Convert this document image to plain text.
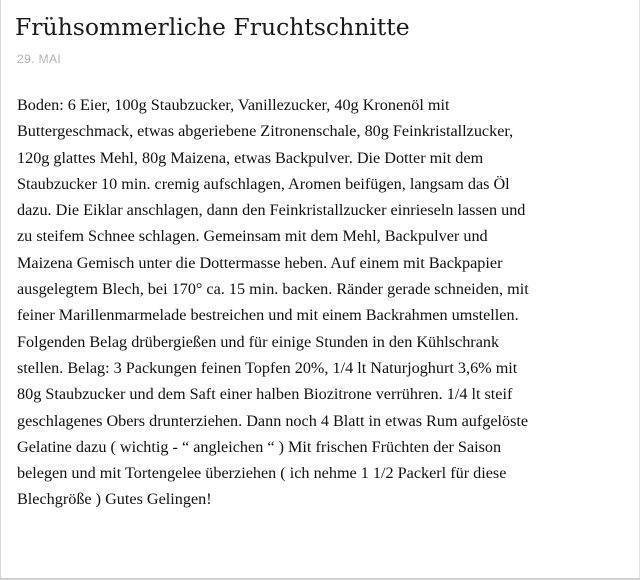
Frühsommerliche Fruchtschnitte
29. MAI
Boden: 6 Eier, 100g Staubzucker, Vanillezucker, 40g Kronenöl mit
Buttergeschmack, etwas abgeriebene Zitronenschale, 80g Feinkristallzucker,
120g glattes Mehl, 80g Maizena, etwas Backpulver. Die Dotter mit dem
Staubzucker 10 min. cremig aufschlagen, Aromen beifügen, langsam das Öl
dazu. Die Eiklar anschlagen, dann den Feinkristallzucker einrieseln lassen und
zu steifem Schnee schlagen. Gemeinsam mit dem Mehl, Backpulver und
Maizena Gemisch unter die Dottermasse heben. Auf einem mit Backpapier
ausgelegtem Blech, bei 170° ca. 15 min. backen. Ränder gerade schneiden, mit
feiner Marillenmarmelade bestreichen und mit einem Backrahmen umstellen.
Folgenden Belag drübergießen und für einige Stunden in den Kühlschrank
stellen. Belag: 3 Packungen feinen Topfen 20%, 1/4 lt Naturjoghurt 3,6% mit
80g Staubzucker und dem Saft einer halben Biozitrone verrühren. 1/4 lt steif
geschlagenes Obers drunterziehen. Dann noch 4 Blatt in etwas Rum aufgelöste
Gelatine dazu ( wichtig - “ angleichen “ ) Mit frischen Früchten der Saison
belegen und mit Tortengelee überziehen ( ich nehme 1 1/2 Packerl für diese
Blechgröße ) Gutes Gelingen!
